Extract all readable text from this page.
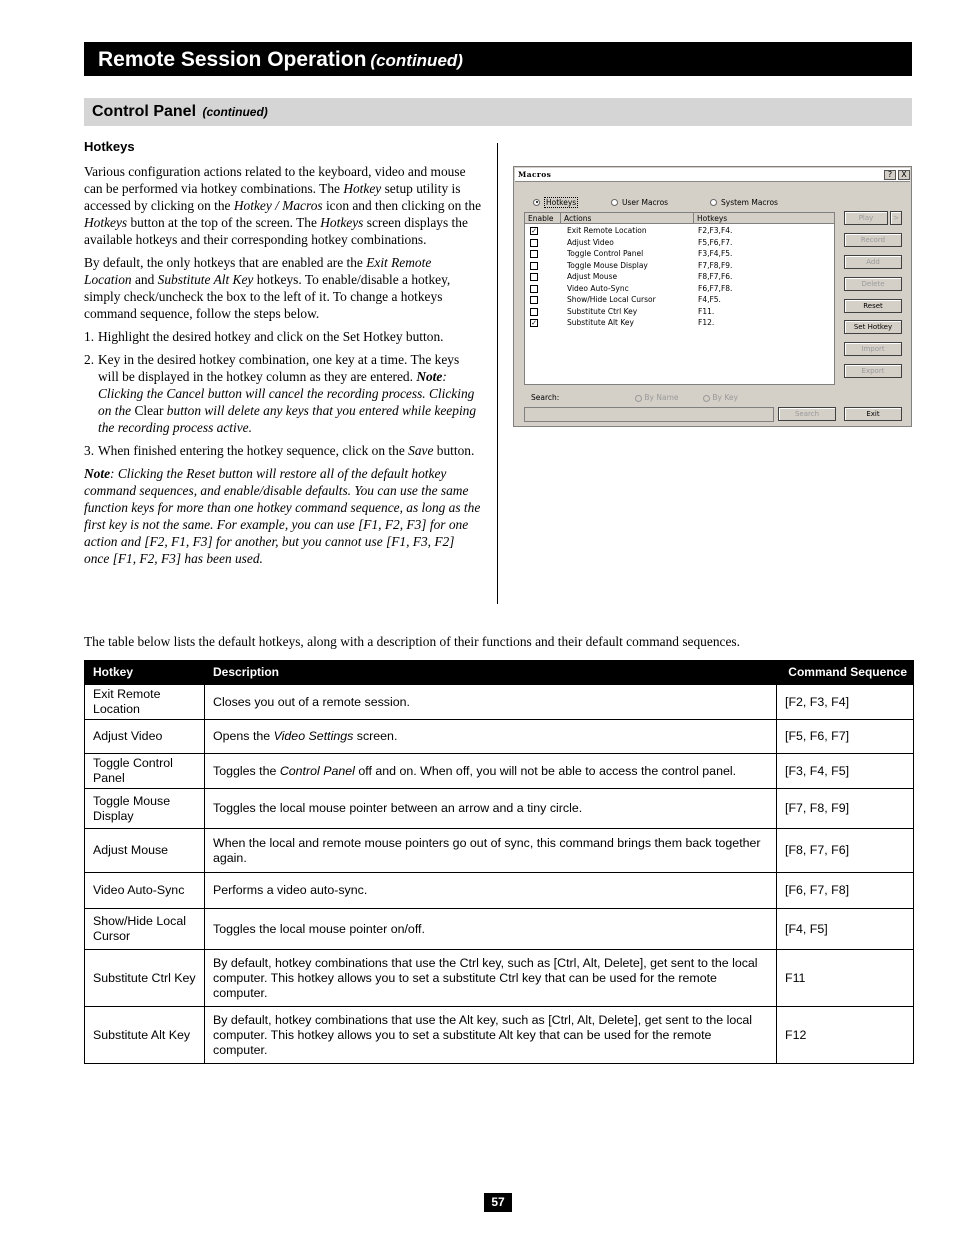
Remote Session Operation (continued)
Control Panel (continued)
Hotkeys

Various configuration actions related to the keyboard, video and mouse can be performed via hotkey combinations. The Hotkey setup utility is accessed by clicking on the Hotkey / Macros icon and then clicking on the Hotkeys button at the top of the screen. The Hotkeys screen displays the available hotkeys and their corresponding hotkey combinations.

By default, the only hotkeys that are enabled are the Exit Remote Location and Substitute Alt Key hotkeys. To enable/disable a hotkey, simply check/uncheck the box to the left of it. To change a hotkeys command sequence, follow the steps below.

1. Highlight the desired hotkey and click on the Set Hotkey button.
2. Key in the desired hotkey combination, one key at a time. The keys will be displayed in the hotkey column as they are entered. Note: Clicking the Cancel button will cancel the recording process. Clicking on the Clear button will delete any keys that you entered while keeping the recording process active.
3. When finished entering the hotkey sequence, click on the Save button.

Note: Clicking the Reset button will restore all of the default hotkey command sequences, and enable/disable defaults. You can use the same function keys for more than one hotkey command sequence, as long as the first key is not the same. For example, you can use [F1, F2, F3] for one action and [F2, F1, F3] for another, but you cannot use [F1, F3, F2] once [F1, F2, F3] has been used.

Macros	?	X
Hotkeys	User Macros	System Macros
Enable	Actions	Hotkeys
✓	Exit Remote Location	F2,F3,F4.
Adjust Video	F5,F6,F7.
Toggle Control Panel	F3,F4,F5.
Toggle Mouse Display	F7,F8,F9.
Adjust Mouse	F8,F7,F6.
Video Auto-Sync	F6,F7,F8.
Show/Hide Local Cursor	F4,F5.
Substitute Ctrl Key	F11.
✓	Substitute Alt Key	F12.
Play	>
Record
Add
Delete
Reset
Set Hotkey
Import
Export
Search:	By Name	By Key
Search	Exit
The table below lists the default hotkeys, along with a description of their functions and their default command sequences.
Hotkey	Description	Command Sequence
Exit Remote Location	Closes you out of a remote session.	[F2, F3, F4]
Adjust Video	Opens the Video Settings screen.	[F5, F6, F7]
Toggle Control Panel	Toggles the Control Panel off and on. When off, you will not be able to access the control panel.	[F3, F4, F5]
Toggle Mouse Display	Toggles the local mouse pointer between an arrow and a tiny circle.	[F7, F8, F9]
Adjust Mouse	When the local and remote mouse pointers go out of sync, this command brings them back together again.	[F8, F7, F6]
Video Auto-Sync	Performs a video auto-sync.	[F6, F7, F8]
Show/Hide Local Cursor	Toggles the local mouse pointer on/off.	[F4, F5]
Substitute Ctrl Key	By default, hotkey combinations that use the Ctrl key, such as [Ctrl, Alt, Delete], get sent to the local computer. This hotkey allows you to set a substitute Ctrl key that can be used for the remote computer.	F11
Substitute Alt Key	By default, hotkey combinations that use the Alt key, such as [Ctrl, Alt, Delete], get sent to the local computer. This hotkey allows you to set a substitute Alt key that can be used for the remote computer.	F12
57
